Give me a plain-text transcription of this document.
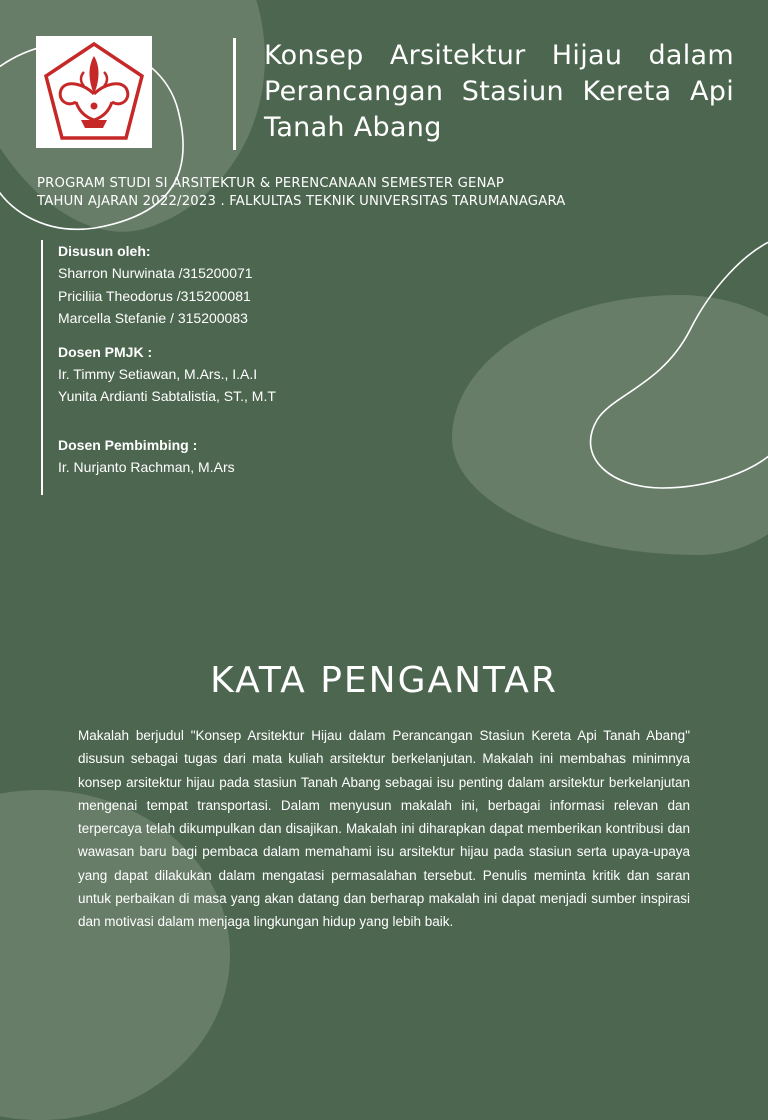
Konsep Arsitektur Hijau dalam Perancangan Stasiun Kereta Api Tanah Abang
PROGRAM STUDI SI ARSITEKTUR & PERENCANAAN SEMESTER GENAP
TAHUN AJARAN 2022/2023 . FALKULTAS TEKNIK UNIVERSITAS TARUMANAGARA
Disusun oleh:
Sharron Nurwinata /315200071
Priciliia Theodorus /315200081
Marcella Stefanie / 315200083
Dosen PMJK :
Ir. Timmy Setiawan, M.Ars., I.A.I
Yunita Ardianti Sabtalistia, ST., M.T
Dosen Pembimbing :
Ir. Nurjanto Rachman, M.Ars
KATA PENGANTAR

Makalah berjudul "Konsep Arsitektur Hijau dalam Perancangan Stasiun Kereta Api Tanah Abang" disusun sebagai tugas dari mata kuliah arsitektur berkelanjutan. Makalah ini membahas minimnya konsep arsitektur hijau pada stasiun Tanah Abang sebagai isu penting dalam arsitektur berkelanjutan mengenai tempat transportasi. Dalam menyusun makalah ini, berbagai informasi relevan dan terpercaya telah dikumpulkan dan disajikan. Makalah ini diharapkan dapat memberikan kontribusi dan wawasan baru bagi pembaca dalam memahami isu arsitektur hijau pada stasiun serta upaya-upaya yang dapat dilakukan dalam mengatasi permasalahan tersebut. Penulis meminta kritik dan saran untuk perbaikan di masa yang akan datang dan berharap makalah ini dapat menjadi sumber inspirasi dan motivasi dalam menjaga lingkungan hidup yang lebih baik.
